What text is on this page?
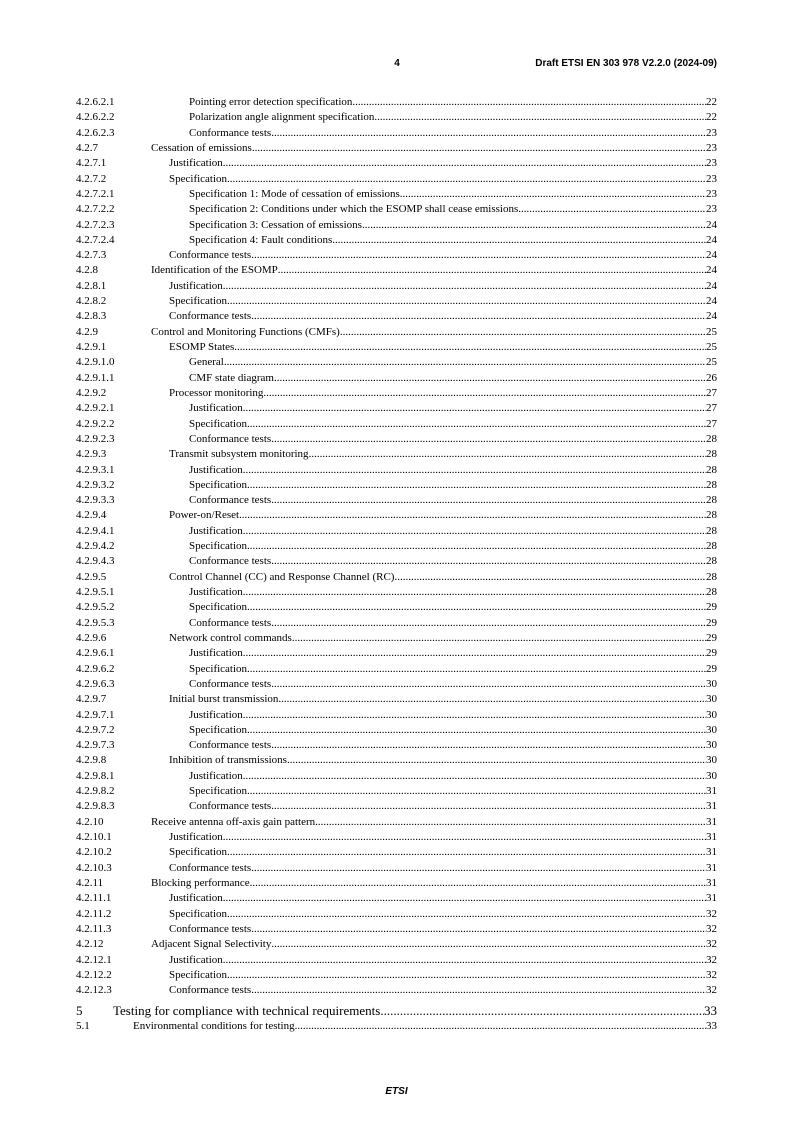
4	Draft ETSI EN 303 978 V2.2.0 (2024-09)
4.2.6.2.1	Pointing error detection specification .....	22
4.2.6.2.2	Polarization angle alignment specification .....	22
4.2.6.2.3	Conformance tests .....	23
4.2.7	Cessation of emissions .....	23
4.2.7.1	Justification .....	23
4.2.7.2	Specification .....	23
4.2.7.2.1	Specification 1: Mode of cessation of emissions .....	23
4.2.7.2.2	Specification 2: Conditions under which the ESOMP shall cease emissions .....	23
4.2.7.2.3	Specification 3: Cessation of emissions .....	24
4.2.7.2.4	Specification 4: Fault conditions .....	24
4.2.7.3	Conformance tests .....	24
4.2.8	Identification of the ESOMP .....	24
4.2.8.1	Justification .....	24
4.2.8.2	Specification .....	24
4.2.8.3	Conformance tests .....	24
4.2.9	Control and Monitoring Functions (CMFs) .....	25
4.2.9.1	ESOMP States .....	25
4.2.9.1.0	General .....	25
4.2.9.1.1	CMF state diagram .....	26
4.2.9.2	Processor monitoring .....	27
4.2.9.2.1	Justification .....	27
4.2.9.2.2	Specification .....	27
4.2.9.2.3	Conformance tests .....	28
4.2.9.3	Transmit subsystem monitoring .....	28
4.2.9.3.1	Justification .....	28
4.2.9.3.2	Specification .....	28
4.2.9.3.3	Conformance tests .....	28
4.2.9.4	Power-on/Reset .....	28
4.2.9.4.1	Justification .....	28
4.2.9.4.2	Specification .....	28
4.2.9.4.3	Conformance tests .....	28
4.2.9.5	Control Channel (CC) and Response Channel (RC) .....	28
4.2.9.5.1	Justification .....	28
4.2.9.5.2	Specification .....	29
4.2.9.5.3	Conformance tests .....	29
4.2.9.6	Network control commands .....	29
4.2.9.6.1	Justification .....	29
4.2.9.6.2	Specification .....	29
4.2.9.6.3	Conformance tests .....	30
4.2.9.7	Initial burst transmission .....	30
4.2.9.7.1	Justification .....	30
4.2.9.7.2	Specification .....	30
4.2.9.7.3	Conformance tests .....	30
4.2.9.8	Inhibition of transmissions .....	30
4.2.9.8.1	Justification .....	30
4.2.9.8.2	Specification .....	31
4.2.9.8.3	Conformance tests .....	31
4.2.10	Receive antenna off-axis gain pattern .....	31
4.2.10.1	Justification .....	31
4.2.10.2	Specification .....	31
4.2.10.3	Conformance tests .....	31
4.2.11	Blocking performance .....	31
4.2.11.1	Justification .....	31
4.2.11.2	Specification .....	32
4.2.11.3	Conformance tests .....	32
4.2.12	Adjacent Signal Selectivity .....	32
4.2.12.1	Justification .....	32
4.2.12.2	Specification .....	32
4.2.12.3	Conformance tests .....	32
5 Testing for compliance with technical requirements .....	33
5.1	Environmental conditions for testing .....	33
ETSI
